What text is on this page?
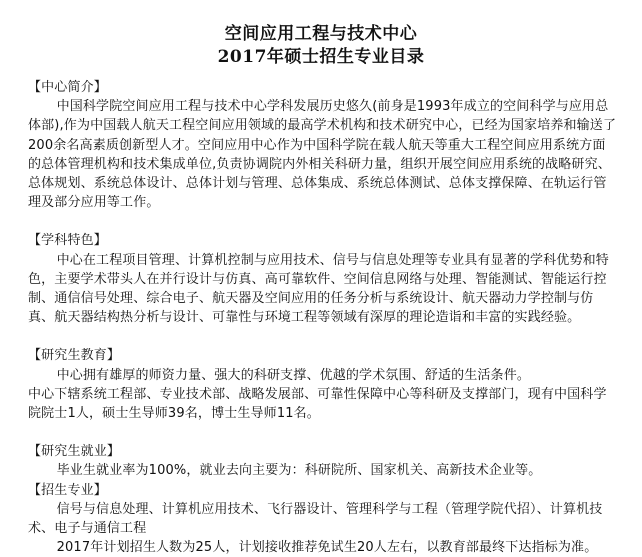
空间应用工程与技术中心
2017年硕士招生专业目录

【中心简介】

中国科学院空间应用工程与技术中心学科发展历史悠久(前身是1993年成立的空间科学与应用总体部),作为中国载人航天工程空间应用领域的最高学术机构和技术研究中心，已经为国家培养和输送了200余名高素质创新型人才。空间应用中心作为中国科学院在载人航天等重大工程空间应用系统方面的总体管理机构和技术集成单位,负责协调院内外相关科研力量，组织开展空间应用系统的战略研究、总体规划、系统总体设计、总体计划与管理、总体集成、系统总体测试、总体支撑保障、在轨运行管理及部分应用等工作。

【学科特色】

中心在工程项目管理、计算机控制与应用技术、信号与信息处理等专业具有显著的学科优势和特色，主要学术带头人在并行设计与仿真、高可靠软件、空间信息网络与处理、智能测试、智能运行控制、通信信号处理、综合电子、航天器及空间应用的任务分析与系统设计、航天器动力学控制与仿真、航天器结构热分析与设计、可靠性与环境工程等领域有深厚的理论造诣和丰富的实践经验。

【研究生教育】

中心拥有雄厚的师资力量、强大的科研支撑、优越的学术氛围、舒适的生活条件。

中心下辖系统工程部、专业技术部、战略发展部、可靠性保障中心等科研及支撑部门，现有中国科学院院士1人，硕士生导师39名，博士生导师11名。

【研究生就业】

毕业生就业率为100%，就业去向主要为：科研院所、国家机关、高新技术企业等。

【招生专业】

信号与信息处理、计算机应用技术、飞行器设计、管理科学与工程（管理学院代招）、计算机技术、电子与通信工程

2017年计划招生人数为25人，计划接收推荐免试生20人左右，以教育部最终下达指标为准。
